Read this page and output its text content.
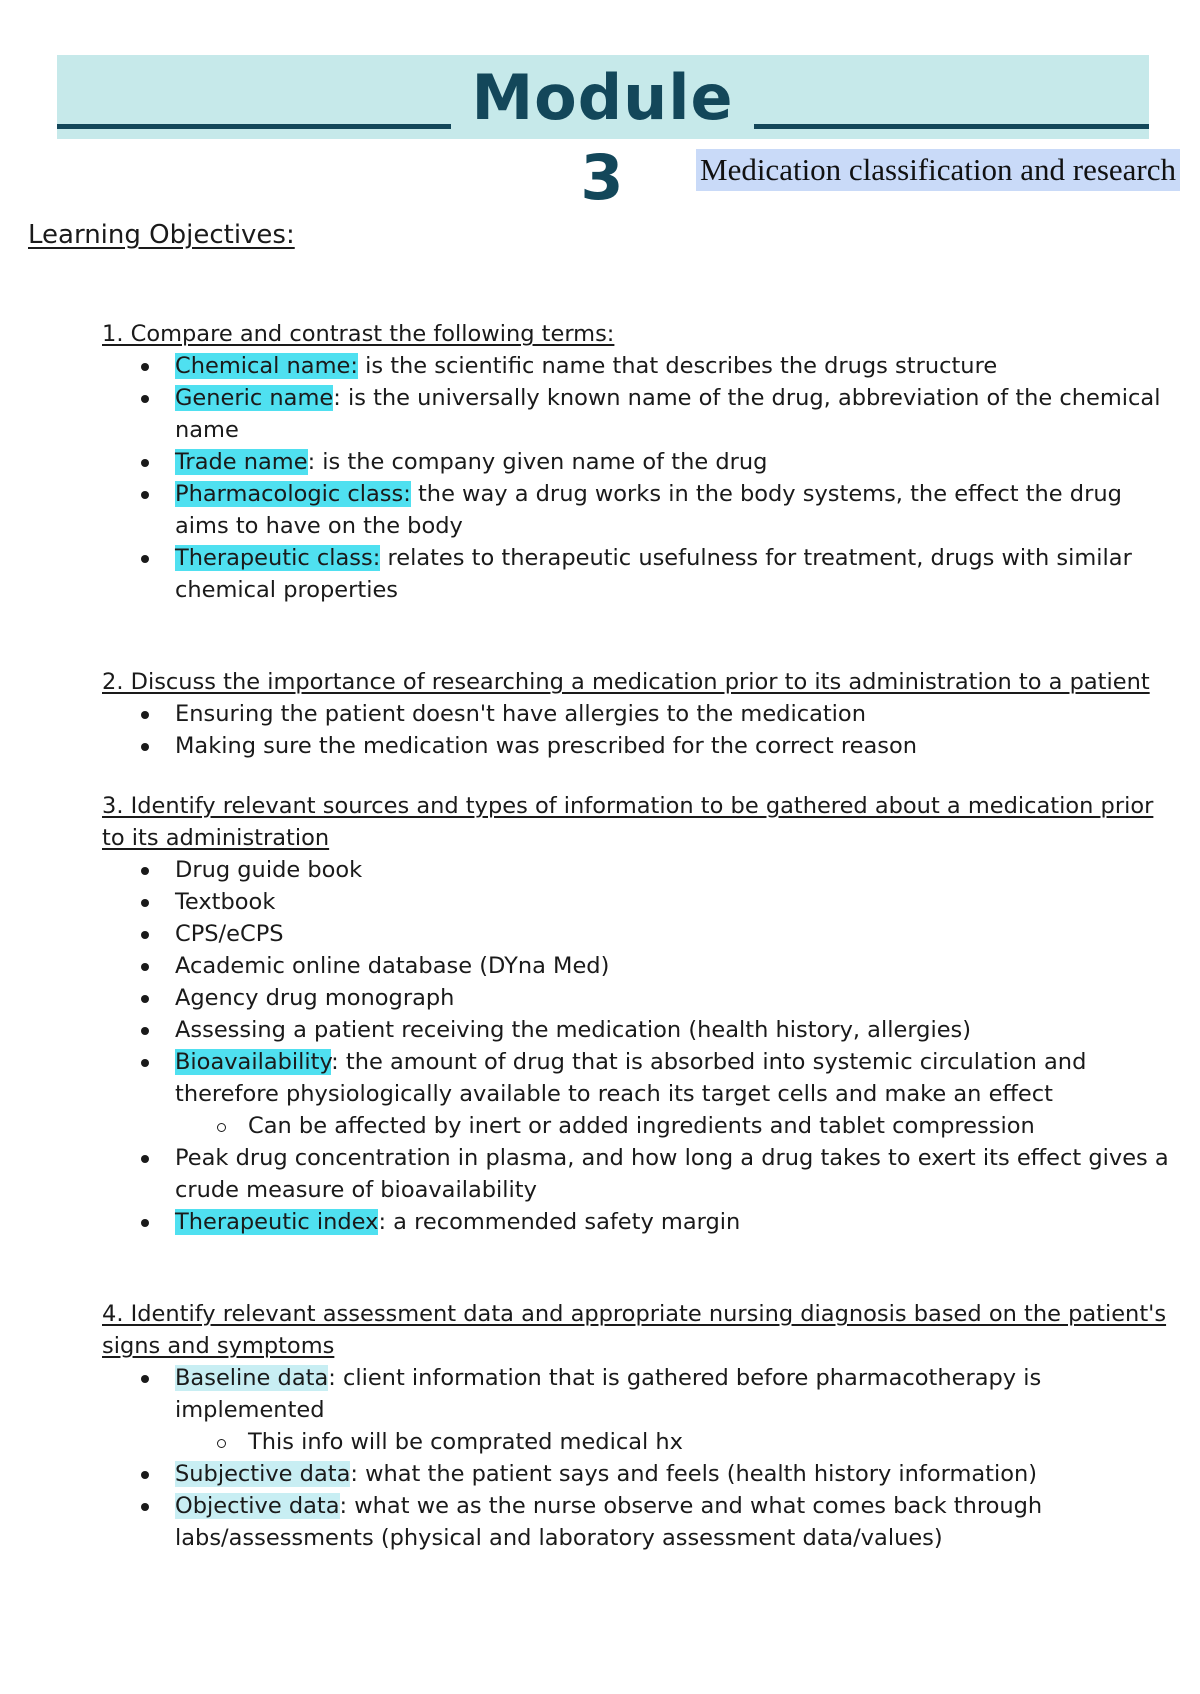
Module 3	Medication classification and research
Learning Objectives:
1. Compare and contrast the following terms:
Chemical name: is the scientific name that describes the drugs structure
Generic name: is the universally known name of the drug, abbreviation of the chemical name
Trade name: is the company given name of the drug
Pharmacologic class: the way a drug works in the body systems, the effect the drug aims to have on the body
Therapeutic class: relates to therapeutic usefulness for treatment, drugs with similar chemical properties
2. Discuss the importance of researching a medication prior to its administration to a patient
Ensuring the patient doesn't have allergies to the medication
Making sure the medication was prescribed for the correct reason
3. Identify relevant sources and types of information to be gathered about a medication prior to its administration
Drug guide book
Textbook
CPS/eCPS
Academic online database (DYna Med)
Agency drug monograph
Assessing a patient receiving the medication (health history, allergies)
Bioavailability: the amount of drug that is absorbed into systemic circulation and therefore physiologically available to reach its target cells and make an effect
Can be affected by inert or added ingredients and tablet compression
Peak drug concentration in plasma, and how long a drug takes to exert its effect gives a crude measure of bioavailability
Therapeutic index: a recommended safety margin
4. Identify relevant assessment data and appropriate nursing diagnosis based on the patient's signs and symptoms
Baseline data: client information that is gathered before pharmacotherapy is implemented
This info will be comprated medical hx
Subjective data: what the patient says and feels (health history information)
Objective data: what we as the nurse observe and what comes back through labs/assessments (physical and laboratory assessment data/values)
